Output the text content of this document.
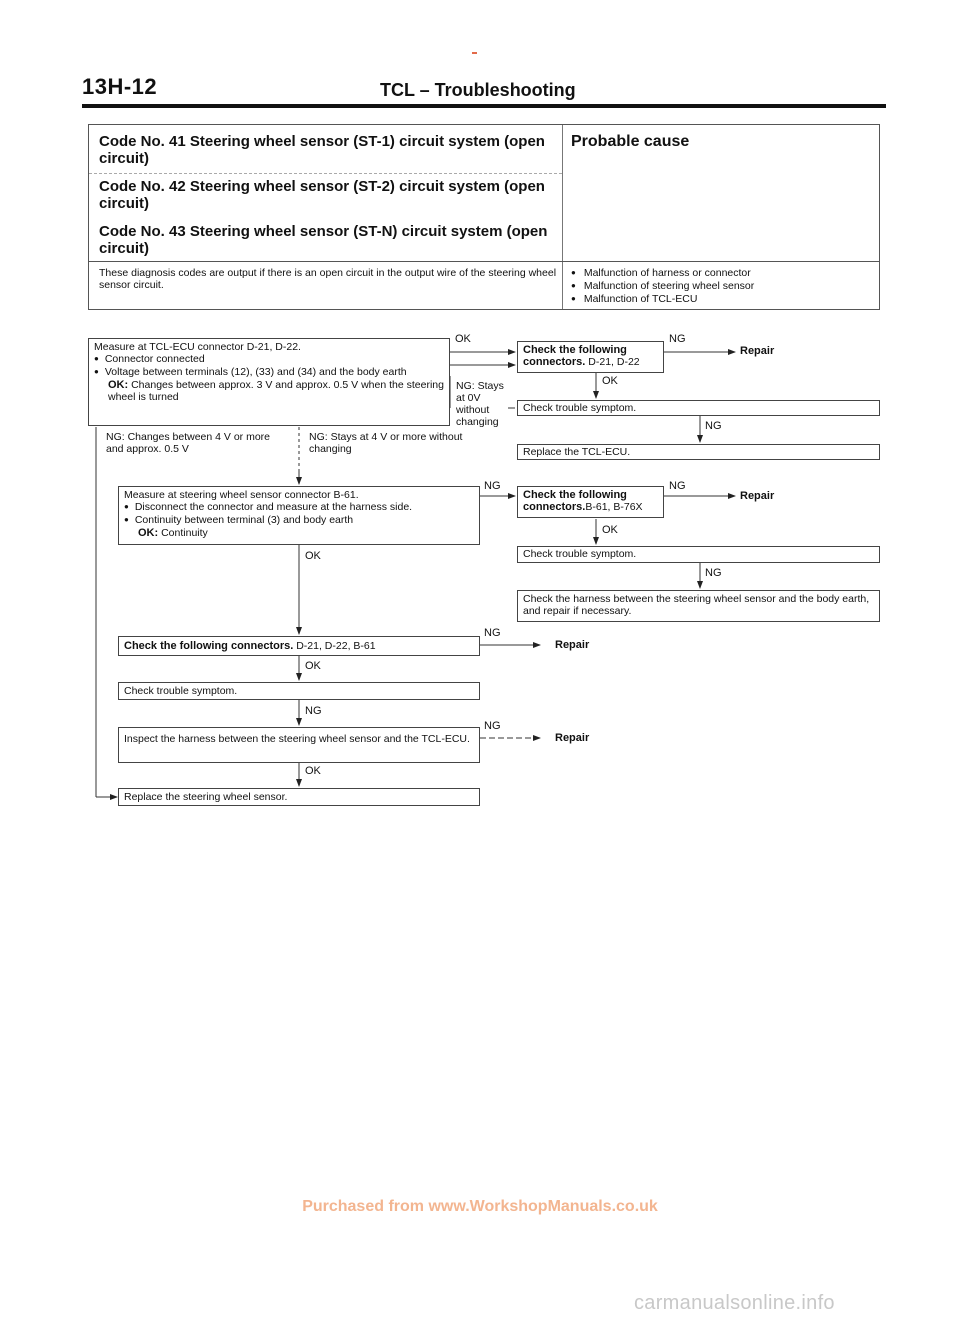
13H-12	TCL – Troubleshooting
Code No. 41 Steering wheel sensor (ST-1) circuit system (open circuit)
Code No. 42 Steering wheel sensor (ST-2) circuit system (open circuit)
Code No. 43 Steering wheel sensor (ST-N) circuit system (open circuit)
Probable cause
These diagnosis codes are output if there is an open circuit in the output wire of the steering wheel sensor circuit.
● Malfunction of harness or connector
● Malfunction of steering wheel sensor
● Malfunction of TCL-ECU
Measure at TCL-ECU connector D-21, D-22.
● Connector connected
● Voltage between terminals (12), (33) and (34) and the body earth
OK: Changes between approx. 3 V and approx. 0.5 V when the steering wheel is turned
OK
NG: Stays at 0V without changing
Check the following connectors. D-21, D-22
NG
Repair
OK
Check trouble symptom.
NG
Replace the TCL-ECU.
NG: Changes between 4 V or more and approx. 0.5 V
NG: Stays at 4 V or more without changing
Measure at steering wheel sensor connector B-61.
● Disconnect the connector and measure at the harness side.
● Continuity between terminal (3) and body earth
OK: Continuity
NG
Check the following connectors.B-61, B-76X
NG
Repair
OK
Check trouble symptom.
NG
Check the harness between the steering wheel sensor and the body earth, and repair if necessary.
OK
Check the following connectors. D-21, D-22, B-61
NG
Repair
OK
Check trouble symptom.
NG
Inspect the harness between the steering wheel sensor and the TCL-ECU.
NG
Repair
OK
Replace the steering wheel sensor.
Purchased from www.WorkshopManuals.co.uk
carmanualsonline.info
